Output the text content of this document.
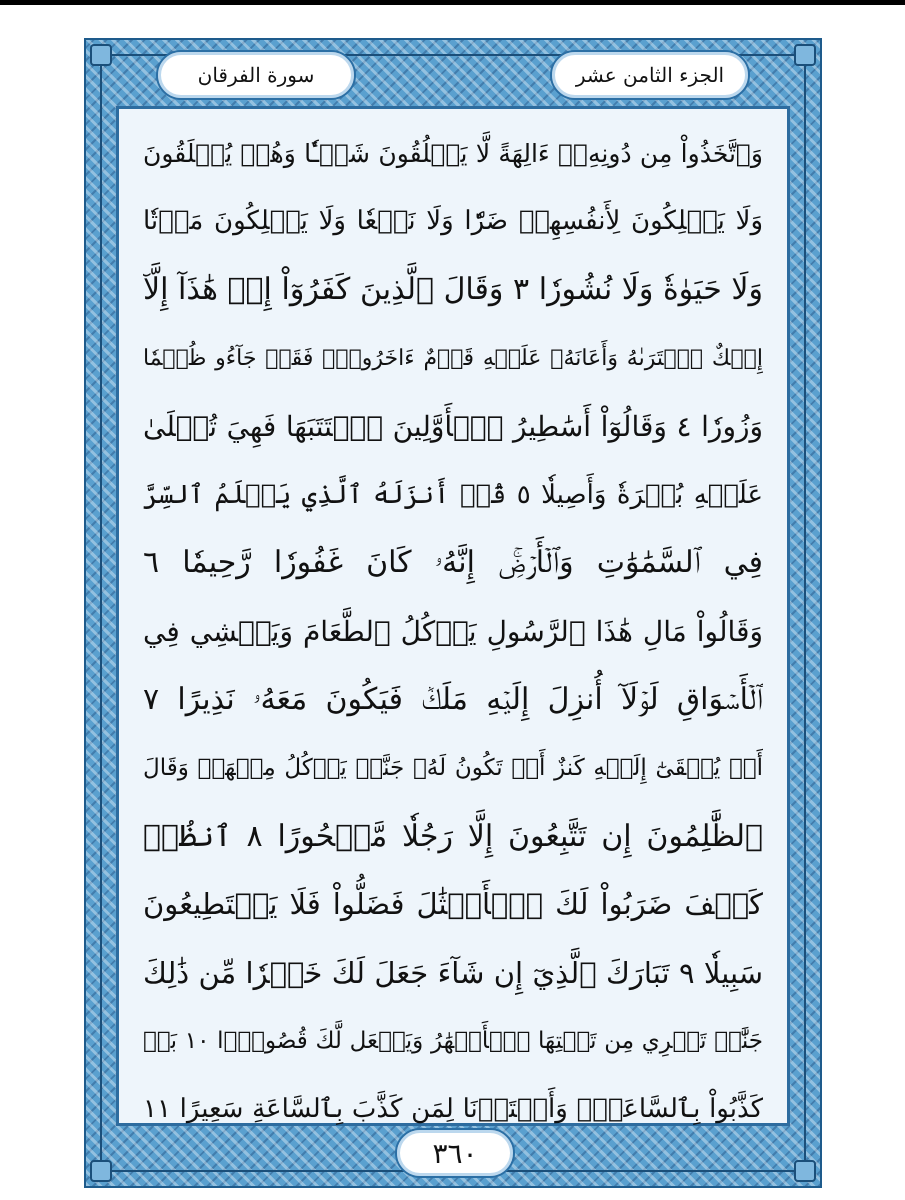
سورة الفرقان	الجزء الثامن عشر
وَٱتَّخَذُواْ مِن دُونِهِۦٓ ءَالِهَةً لَّا يَخۡلُقُونَ شَيۡـٔٗا وَهُمۡ يُخۡلَقُونَ
وَلَا يَمۡلِكُونَ لِأَنفُسِهِمۡ ضَرّٗا وَلَا نَفۡعٗا وَلَا يَمۡلِكُونَ مَوۡتٗا
وَلَا حَيَوٰةٗ وَلَا نُشُورٗا ٣ وَقَالَ ٱلَّذِينَ كَفَرُوٓاْ إِنۡ هَٰذَآ إِلَّآ
إِفۡكٌ ٱفۡتَرَىٰهُ وَأَعَانَهُۥ عَلَيۡهِ قَوۡمٌ ءَاخَرُونَۖ فَقَدۡ جَآءُو ظُلۡمٗا
وَزُورٗا ٤ وَقَالُوٓاْ أَسَٰطِيرُ ٱلۡأَوَّلِينَ ٱكۡتَتَبَهَا فَهِيَ تُمۡلَىٰ
عَلَيۡهِ بُكۡرَةٗ وَأَصِيلٗا ٥ قُلۡ أَنزَلَهُ ٱلَّذِي يَعۡلَمُ ٱلسِّرَّ
فِي ٱلسَّمَٰوَٰتِ وَٱلۡأَرۡضِۚ إِنَّهُۥ كَانَ غَفُورٗا رَّحِيمٗا ٦
وَقَالُواْ مَالِ هَٰذَا ٱلرَّسُولِ يَأۡكُلُ ٱلطَّعَامَ وَيَمۡشِي فِي
ٱلۡأَسۡوَاقِ لَوۡلَآ أُنزِلَ إِلَيۡهِ مَلَكٞ فَيَكُونَ مَعَهُۥ نَذِيرًا ٧
أَوۡ يُلۡقَىٰٓ إِلَيۡهِ كَنزٌ أَوۡ تَكُونُ لَهُۥ جَنَّةٞ يَأۡكُلُ مِنۡهَاۚ وَقَالَ
ٱلظَّٰلِمُونَ إِن تَتَّبِعُونَ إِلَّا رَجُلٗا مَّسۡحُورًا ٨ ٱنظُرۡ
كَيۡفَ ضَرَبُواْ لَكَ ٱلۡأَمۡثَٰلَ فَضَلُّواْ فَلَا يَسۡتَطِيعُونَ
سَبِيلٗا ٩ تَبَارَكَ ٱلَّذِيٓ إِن شَآءَ جَعَلَ لَكَ خَيۡرٗا مِّن ذَٰلِكَ
جَنَّٰتٖ تَجۡرِي مِن تَحۡتِهَا ٱلۡأَنۡهَٰرُ وَيَجۡعَل لَّكَ قُصُورَۢا ١٠ بَلۡ
كَذَّبُواْ بِٱلسَّاعَةِۖ وَأَعۡتَدۡنَا لِمَن كَذَّبَ بِٱلسَّاعَةِ سَعِيرًا ١١
٣٦٠
